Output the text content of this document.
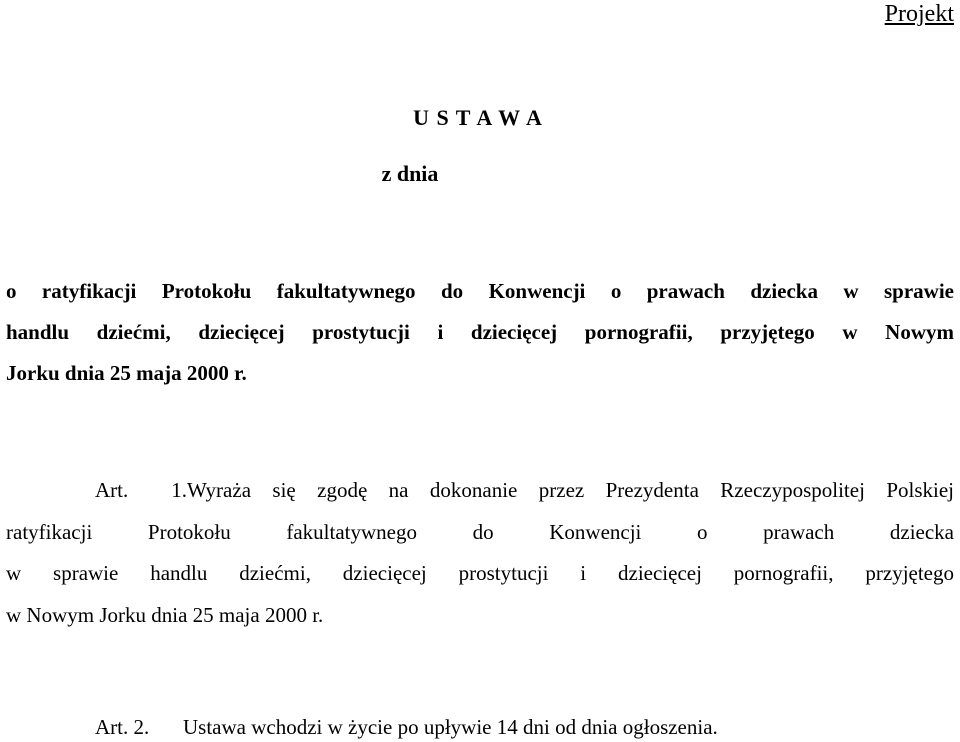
Projekt
U S T A W A
z dnia
o ratyfikacji Protokołu fakultatywnego do Konwencji o prawach dziecka w sprawie
handlu dziećmi, dziecięcej prostytucji i dziecięcej pornografii, przyjętego w Nowym
Jorku dnia 25 maja 2000 r.
Art. 1.Wyraża się zgodę na dokonanie przez Prezydenta Rzeczypospolitej Polskiej
ratyfikacji Protokołu fakultatywnego do Konwencji o prawach dziecka
w sprawie handlu dziećmi, dziecięcej prostytucji i dziecięcej pornografii, przyjętego
w Nowym Jorku dnia 25 maja 2000 r.
Art. 2. Ustawa wchodzi w życie po upływie 14 dni od dnia ogłoszenia.
